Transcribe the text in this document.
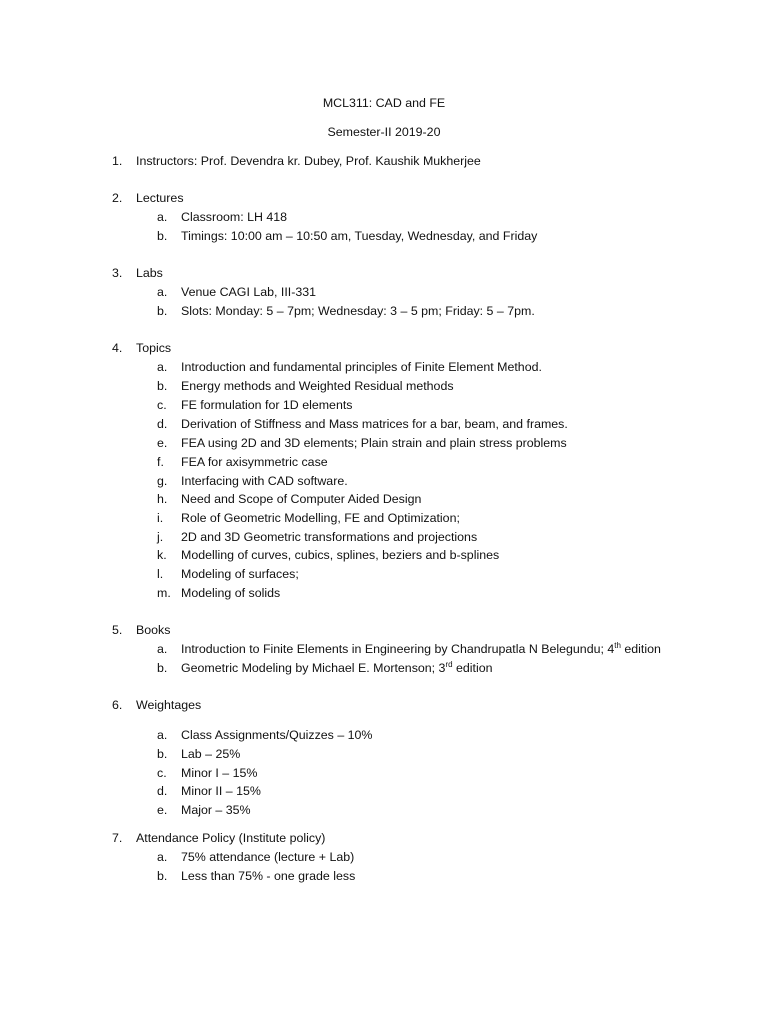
MCL311: CAD and FE
Semester-II 2019-20
1. Instructors: Prof. Devendra kr. Dubey, Prof. Kaushik Mukherjee
2. Lectures
a. Classroom: LH 418
b. Timings: 10:00 am – 10:50 am, Tuesday, Wednesday, and Friday
3. Labs
a. Venue CAGI Lab, III-331
b. Slots: Monday: 5 – 7pm; Wednesday: 3 – 5 pm; Friday: 5 – 7pm.
4. Topics
a. Introduction and fundamental principles of Finite Element Method.
b. Energy methods and Weighted Residual methods
c. FE formulation for 1D elements
d. Derivation of Stiffness and Mass matrices for a bar, beam, and frames.
e. FEA using 2D and 3D elements; Plain strain and plain stress problems
f. FEA for axisymmetric case
g. Interfacing with CAD software.
h. Need and Scope of Computer Aided Design
i. Role of Geometric Modelling, FE and Optimization;
j. 2D and 3D Geometric transformations and projections
k. Modelling of curves, cubics, splines, beziers and b-splines
l. Modeling of surfaces;
m. Modeling of solids
5. Books
a. Introduction to Finite Elements in Engineering by Chandrupatla N Belegundu; 4th edition
b. Geometric Modeling by Michael E. Mortenson; 3rd edition
6. Weightages
a. Class Assignments/Quizzes – 10%
b. Lab – 25%
c. Minor I – 15%
d. Minor II – 15%
e. Major – 35%
7. Attendance Policy (Institute policy)
a. 75% attendance (lecture + Lab)
b. Less than 75% - one grade less
